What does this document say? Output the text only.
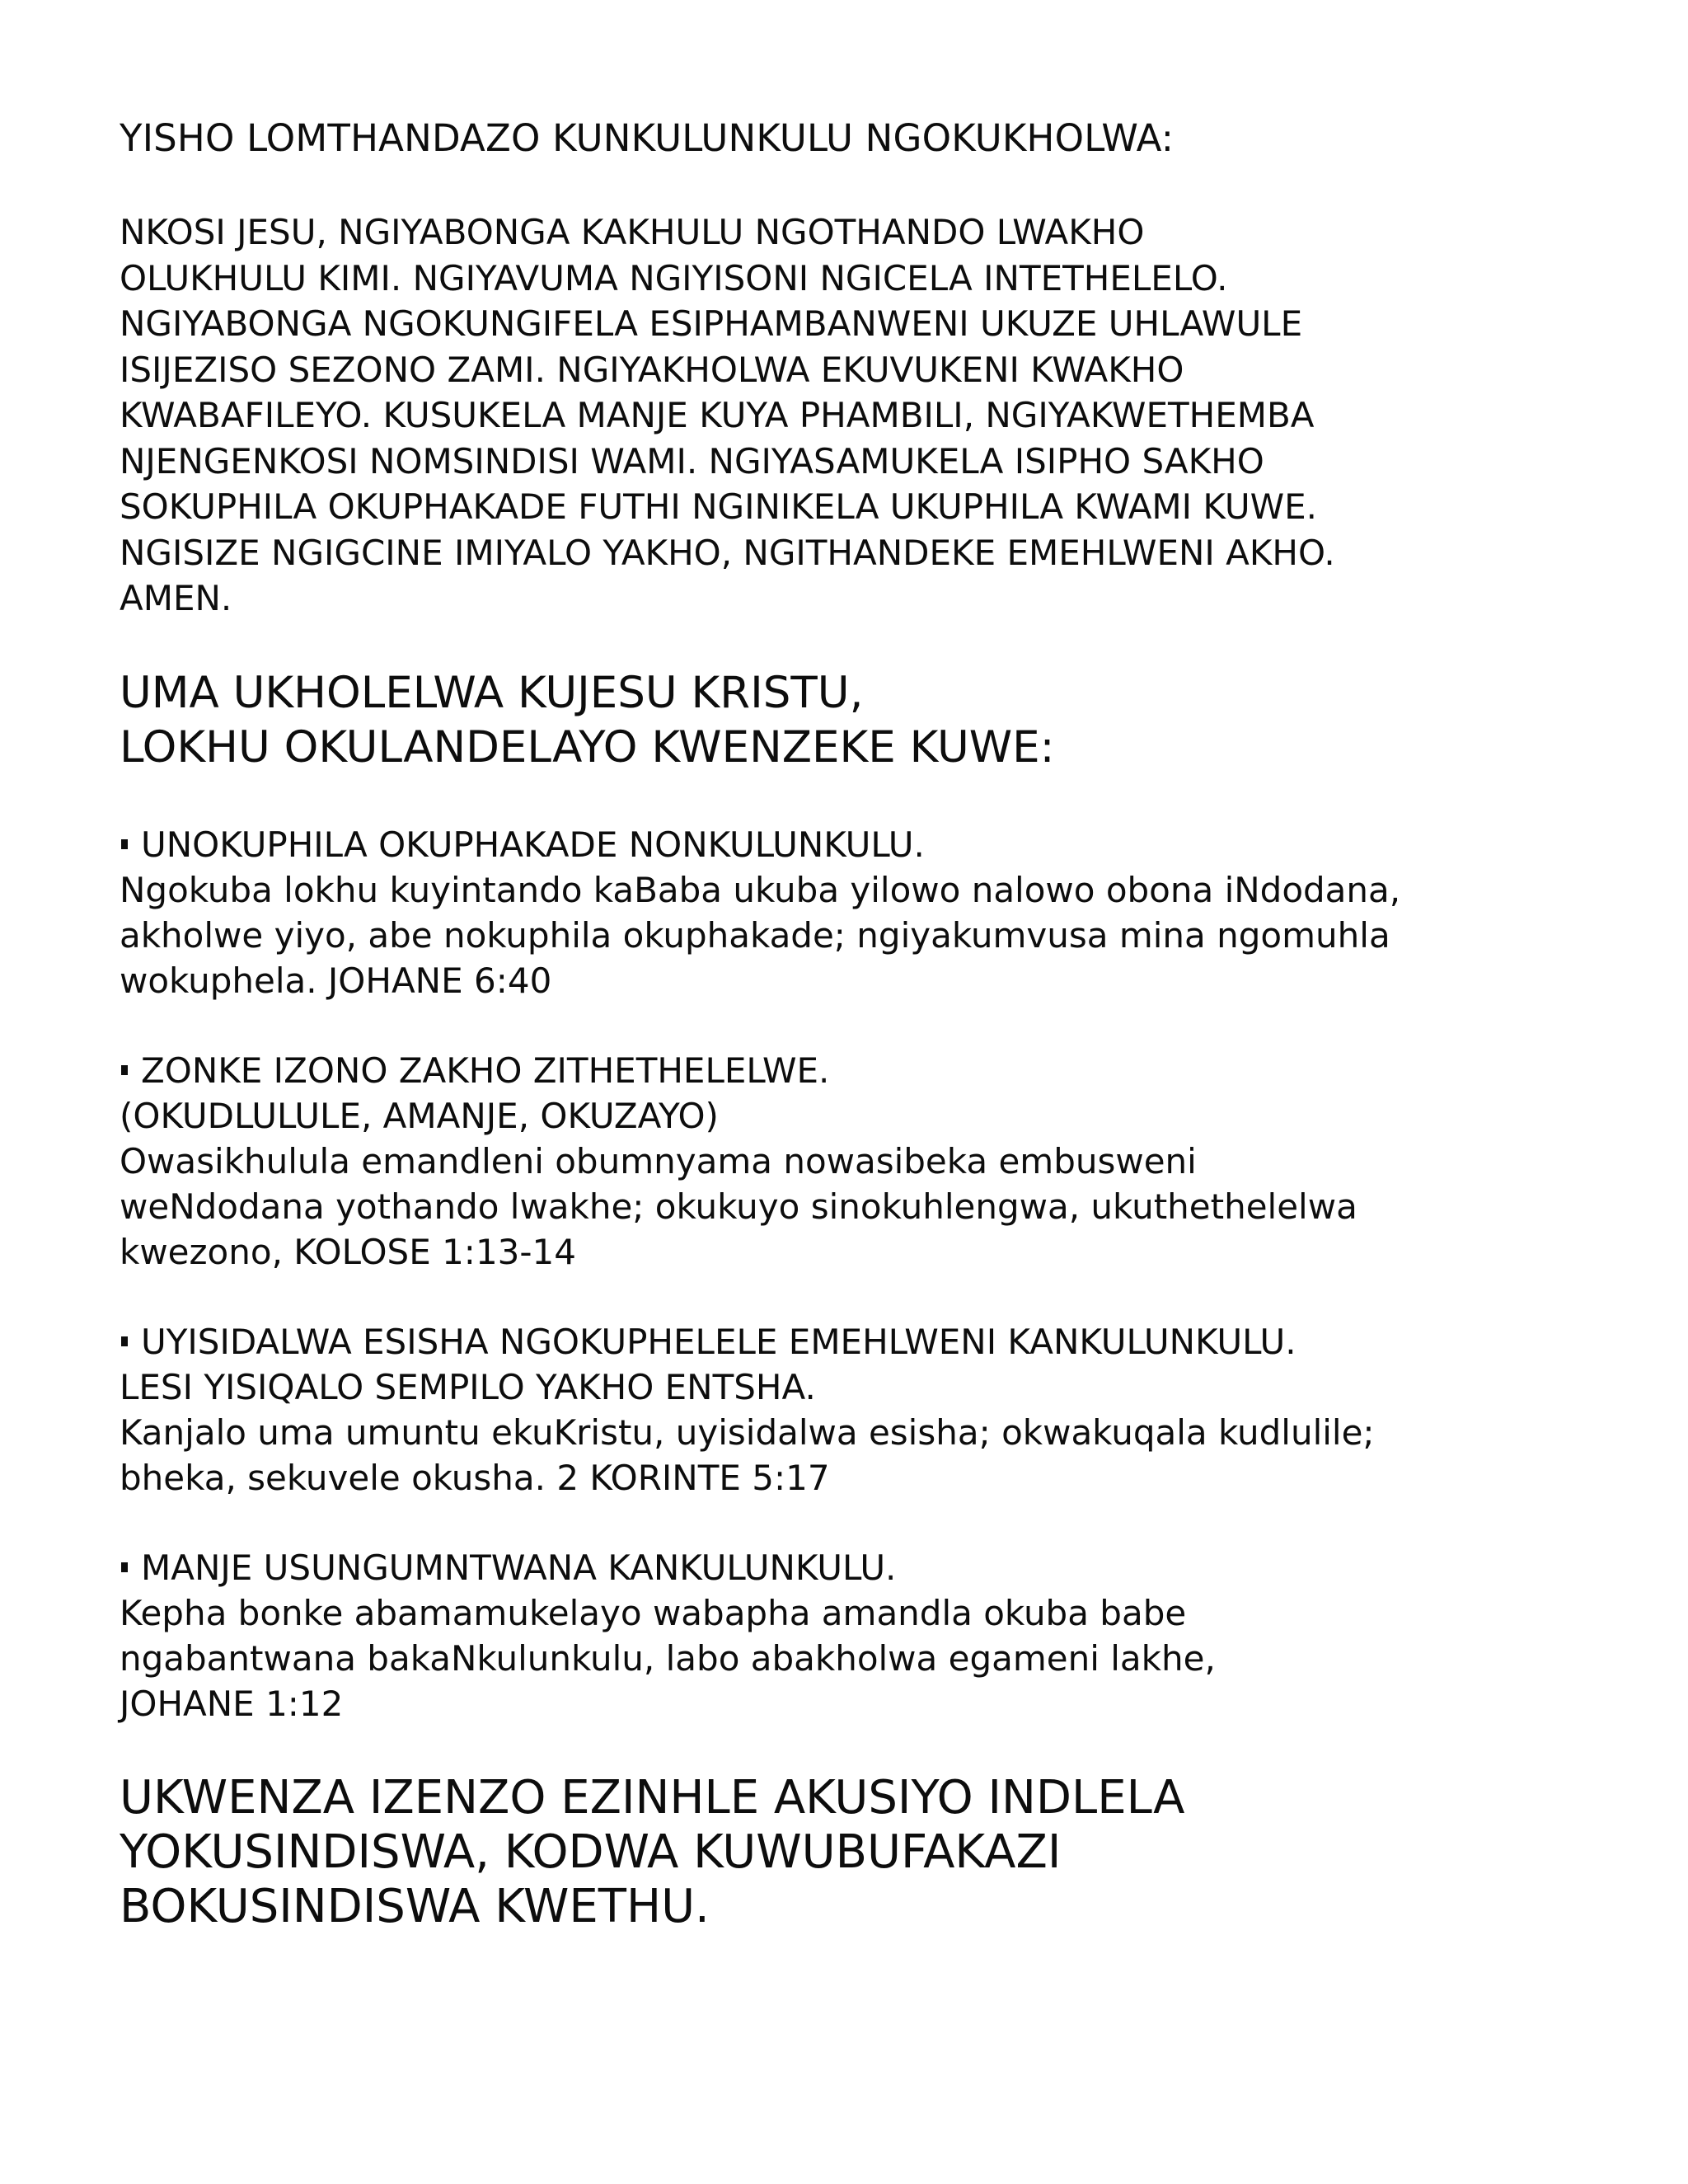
YISHO LOMTHANDAZO KUNKULUNKULU NGOKUKHOLWA:
NKOSI JESU, NGIYABONGA KAKHULU NGOTHANDO LWAKHO
OLUKHULU KIMI. NGIYAVUMA NGIYISONI NGICELA INTETHELELO.
NGIYABONGA NGOKUNGIFELA ESIPHAMBANWENI UKUZE UHLAWULE
ISIJEZISO SEZONO ZAMI. NGIYAKHOLWA EKUVUKENI KWAKHO
KWABAFILEYO. KUSUKELA MANJE KUYA PHAMBILI, NGIYAKWETHEMBA
NJENGENKOSI NOMSINDISI WAMI. NGIYASAMUKELA ISIPHO SAKHO
SOKUPHILA OKUPHAKADE FUTHI NGINIKELA UKUPHILA KWAMI KUWE.
NGISIZE NGIGCINE IMIYALO YAKHO, NGITHANDEKE EMEHLWENI AKHO.
AMEN.
UMA UKHOLELWA KUJESU KRISTU,
LOKHU OKULANDELAYO KWENZEKE KUWE:
UNOKUPHILA OKUPHAKADE NONKULUNKULU.
Ngokuba lokhu kuyintando kaBaba ukuba yilowo nalowo obona iNdodana,
akholwe yiyo, abe nokuphila okuphakade; ngiyakumvusa mina ngomuhla
wokuphela. JOHANE 6:40
ZONKE IZONO ZAKHO ZITHETHELELWE.
(OKUDLULULE, AMANJE, OKUZAYO)
Owasikhulula emandleni obumnyama nowasibeka embusweni
weNdodana yothando lwakhe; okukuyo sinokuhlengwa, ukuthethelelwa
kwezono, KOLOSE 1:13-14
UYISIDALWA ESISHA NGOKUPHELELE EMEHLWENI KANKULUNKULU.
LESI YISIQALO SEMPILO YAKHO ENTSHA.
Kanjalo uma umuntu ekuKristu, uyisidalwa esisha; okwakuqala kudlulile;
bheka, sekuvele okusha. 2 KORINTE 5:17
MANJE USUNGUMNTWANA KANKULUNKULU.
Kepha bonke abamamukelayo wabapha amandla okuba babe
ngabantwana bakaNkulunkulu, labo abakholwa egameni lakhe,
JOHANE 1:12
UKWENZA IZENZO EZINHLE AKUSIYO INDLELA
YOKUSINDISWA, KODWA KUWUBUFAKAZI
BOKUSINDISWA KWETHU.
